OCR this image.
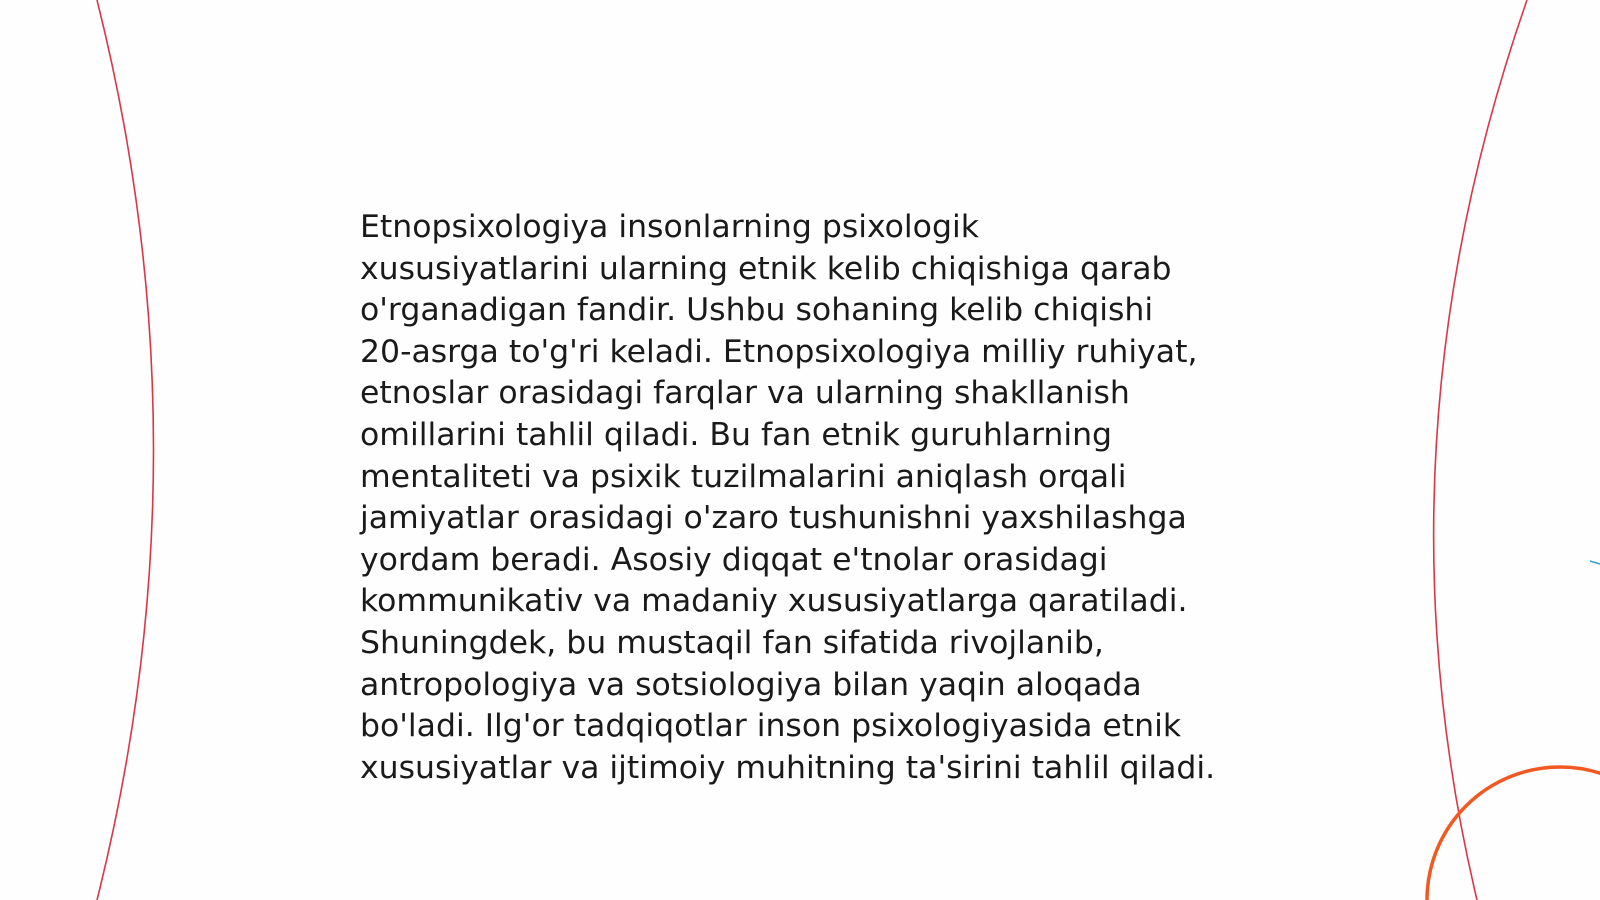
Etnopsixologiya insonlarning psixologik
xususiyatlarini ularning etnik kelib chiqishiga qarab
o'rganadigan fandir. Ushbu sohaning kelib chiqishi
20-asrga to'g'ri keladi. Etnopsixologiya milliy ruhiyat,
etnoslar orasidagi farqlar va ularning shakllanish
omillarini tahlil qiladi. Bu fan etnik guruhlarning
mentaliteti va psixik tuzilmalarini aniqlash orqali
jamiyatlar orasidagi o'zaro tushunishni yaxshilashga
yordam beradi. Asosiy diqqat e'tnolar orasidagi
kommunikativ va madaniy xususiyatlarga qaratiladi.
Shuningdek, bu mustaqil fan sifatida rivojlanib,
antropologiya va sotsiologiya bilan yaqin aloqada
bo'ladi. Ilg'or tadqiqotlar inson psixologiyasida etnik
xususiyatlar va ijtimoiy muhitning ta'sirini tahlil qiladi.
